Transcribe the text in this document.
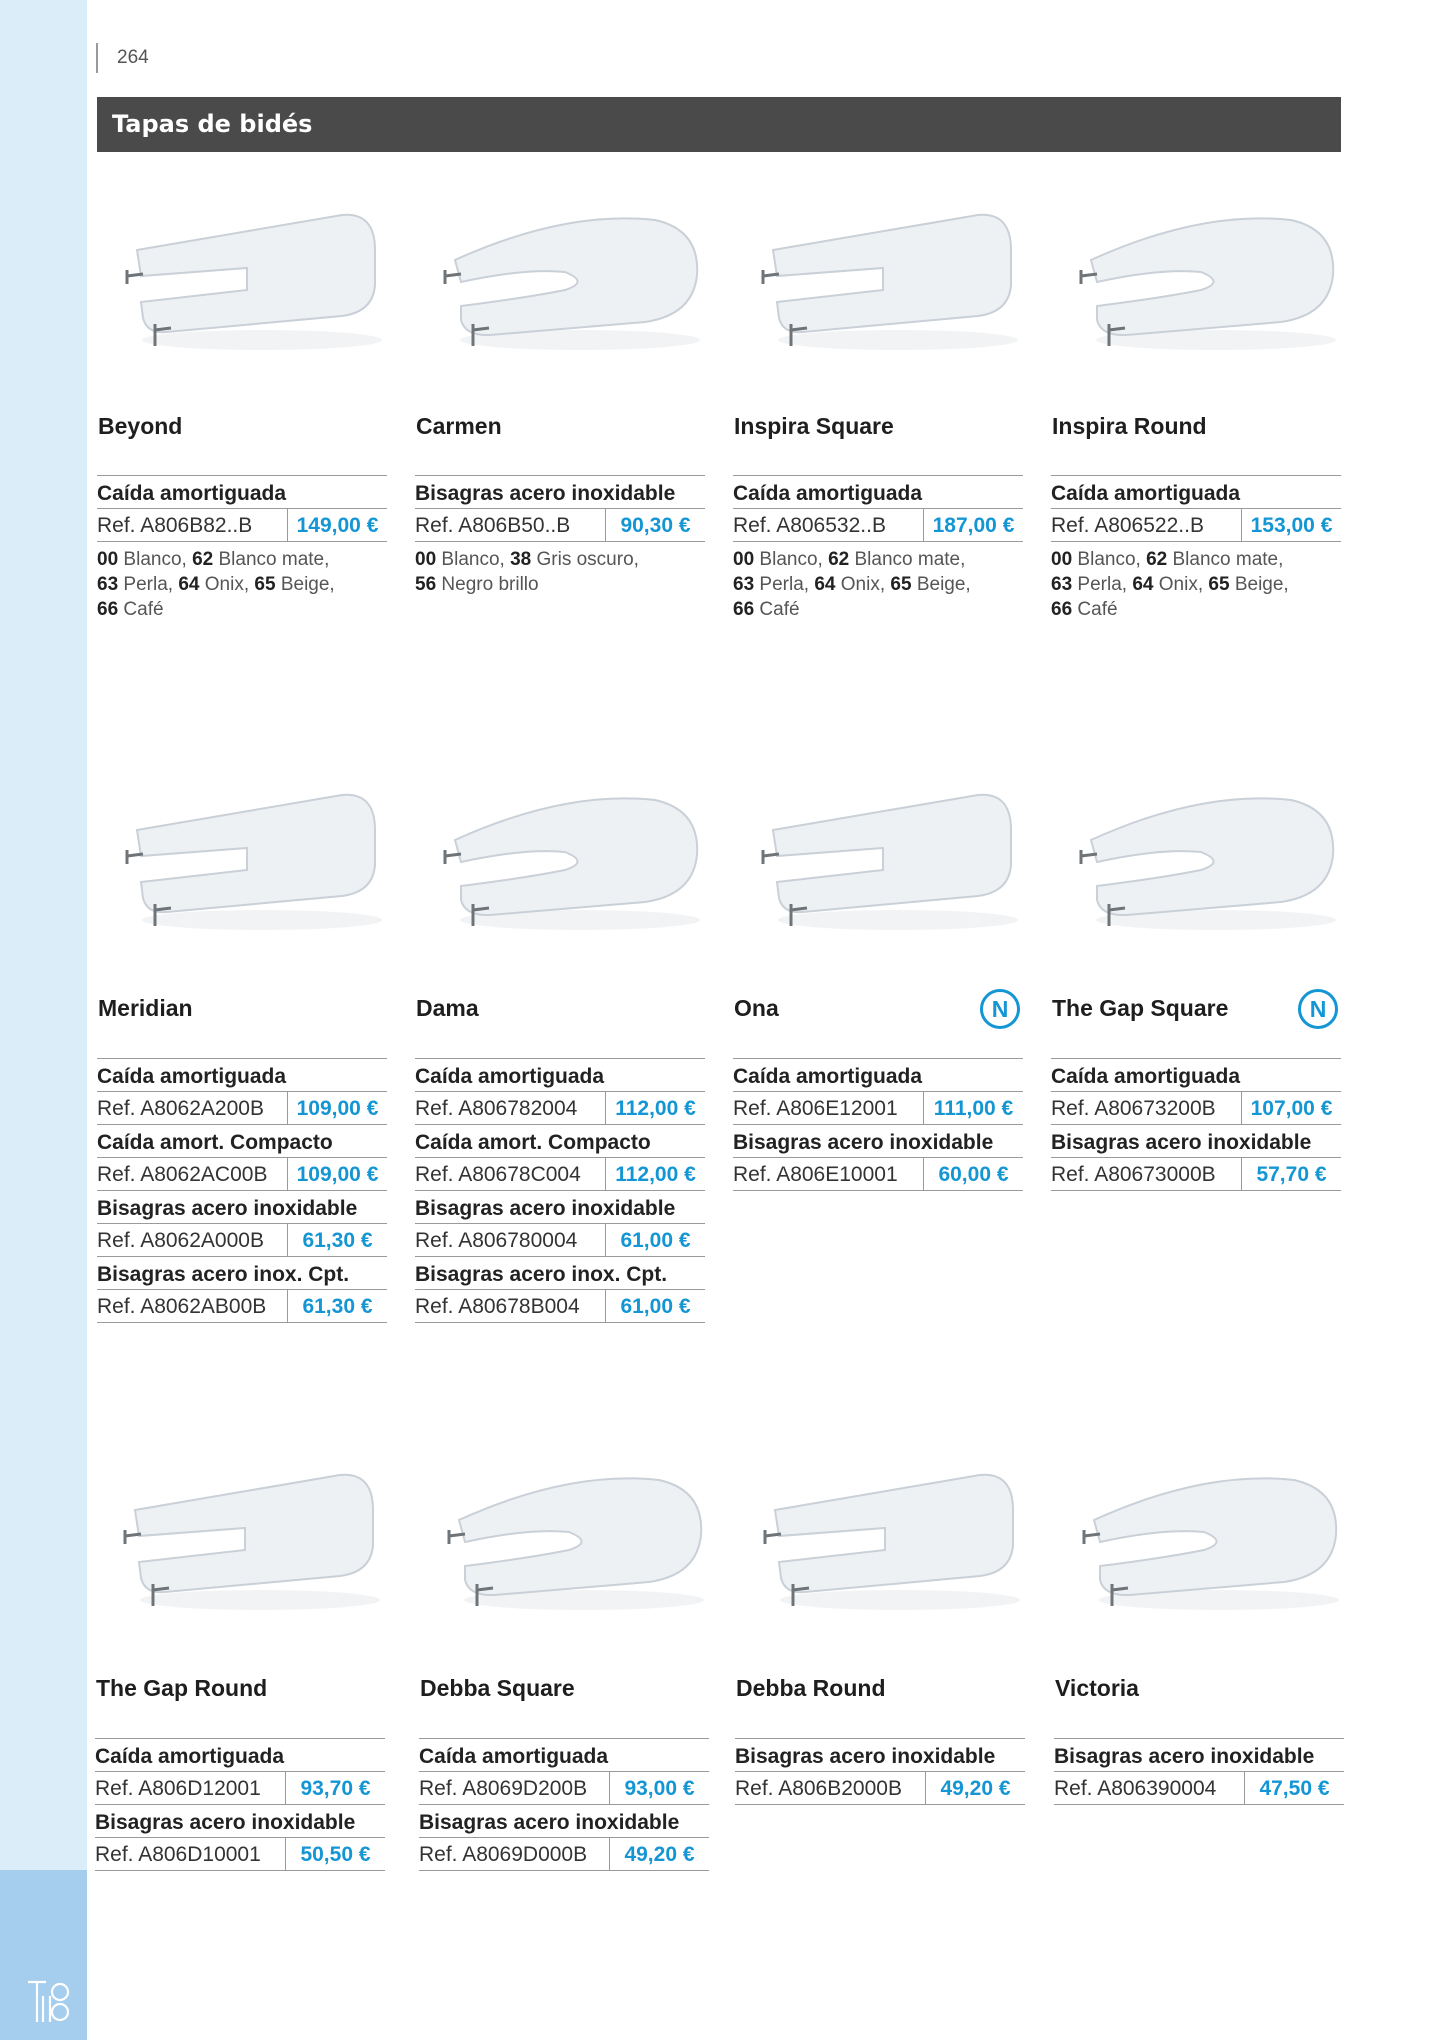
264
Tapas de bidés
Beyond
Caída amortiguada
Ref. A806B82..B	149,00 €
00 Blanco, 62 Blanco mate,
63 Perla, 64 Onix, 65 Beige,
66 Café
Carmen
Bisagras acero inoxidable
Ref. A806B50..B	90,30 €
00 Blanco, 38 Gris oscuro,
56 Negro brillo
Inspira Square
Caída amortiguada
Ref. A806532..B	187,00 €
00 Blanco, 62 Blanco mate,
63 Perla, 64 Onix, 65 Beige,
66 Café
Inspira Round
Caída amortiguada
Ref. A806522..B	153,00 €
00 Blanco, 62 Blanco mate,
63 Perla, 64 Onix, 65 Beige,
66 Café
Meridian
Caída amortiguada
Ref. A8062A200B	109,00 €
Caída amort. Compacto
Ref. A8062AC00B	109,00 €
Bisagras acero inoxidable
Ref. A8062A000B	61,30 €
Bisagras acero inox. Cpt.
Ref. A8062AB00B	61,30 €
Dama
Caída amortiguada
Ref. A806782004	112,00 €
Caída amort. Compacto
Ref. A80678C004	112,00 €
Bisagras acero inoxidable
Ref. A806780004	61,00 €
Bisagras acero inox. Cpt.
Ref. A80678B004	61,00 €
Ona	N
Caída amortiguada
Ref. A806E12001	111,00 €
Bisagras acero inoxidable
Ref. A806E10001	60,00 €
The Gap Square	N
Caída amortiguada
Ref. A80673200B	107,00 €
Bisagras acero inoxidable
Ref. A80673000B	57,70 €
The Gap Round
Caída amortiguada
Ref. A806D12001	93,70 €
Bisagras acero inoxidable
Ref. A806D10001	50,50 €
Debba Square
Caída amortiguada
Ref. A8069D200B	93,00 €
Bisagras acero inoxidable
Ref. A8069D000B	49,20 €
Debba Round
Bisagras acero inoxidable
Ref. A806B2000B	49,20 €
Victoria
Bisagras acero inoxidable
Ref. A806390004	47,50 €
